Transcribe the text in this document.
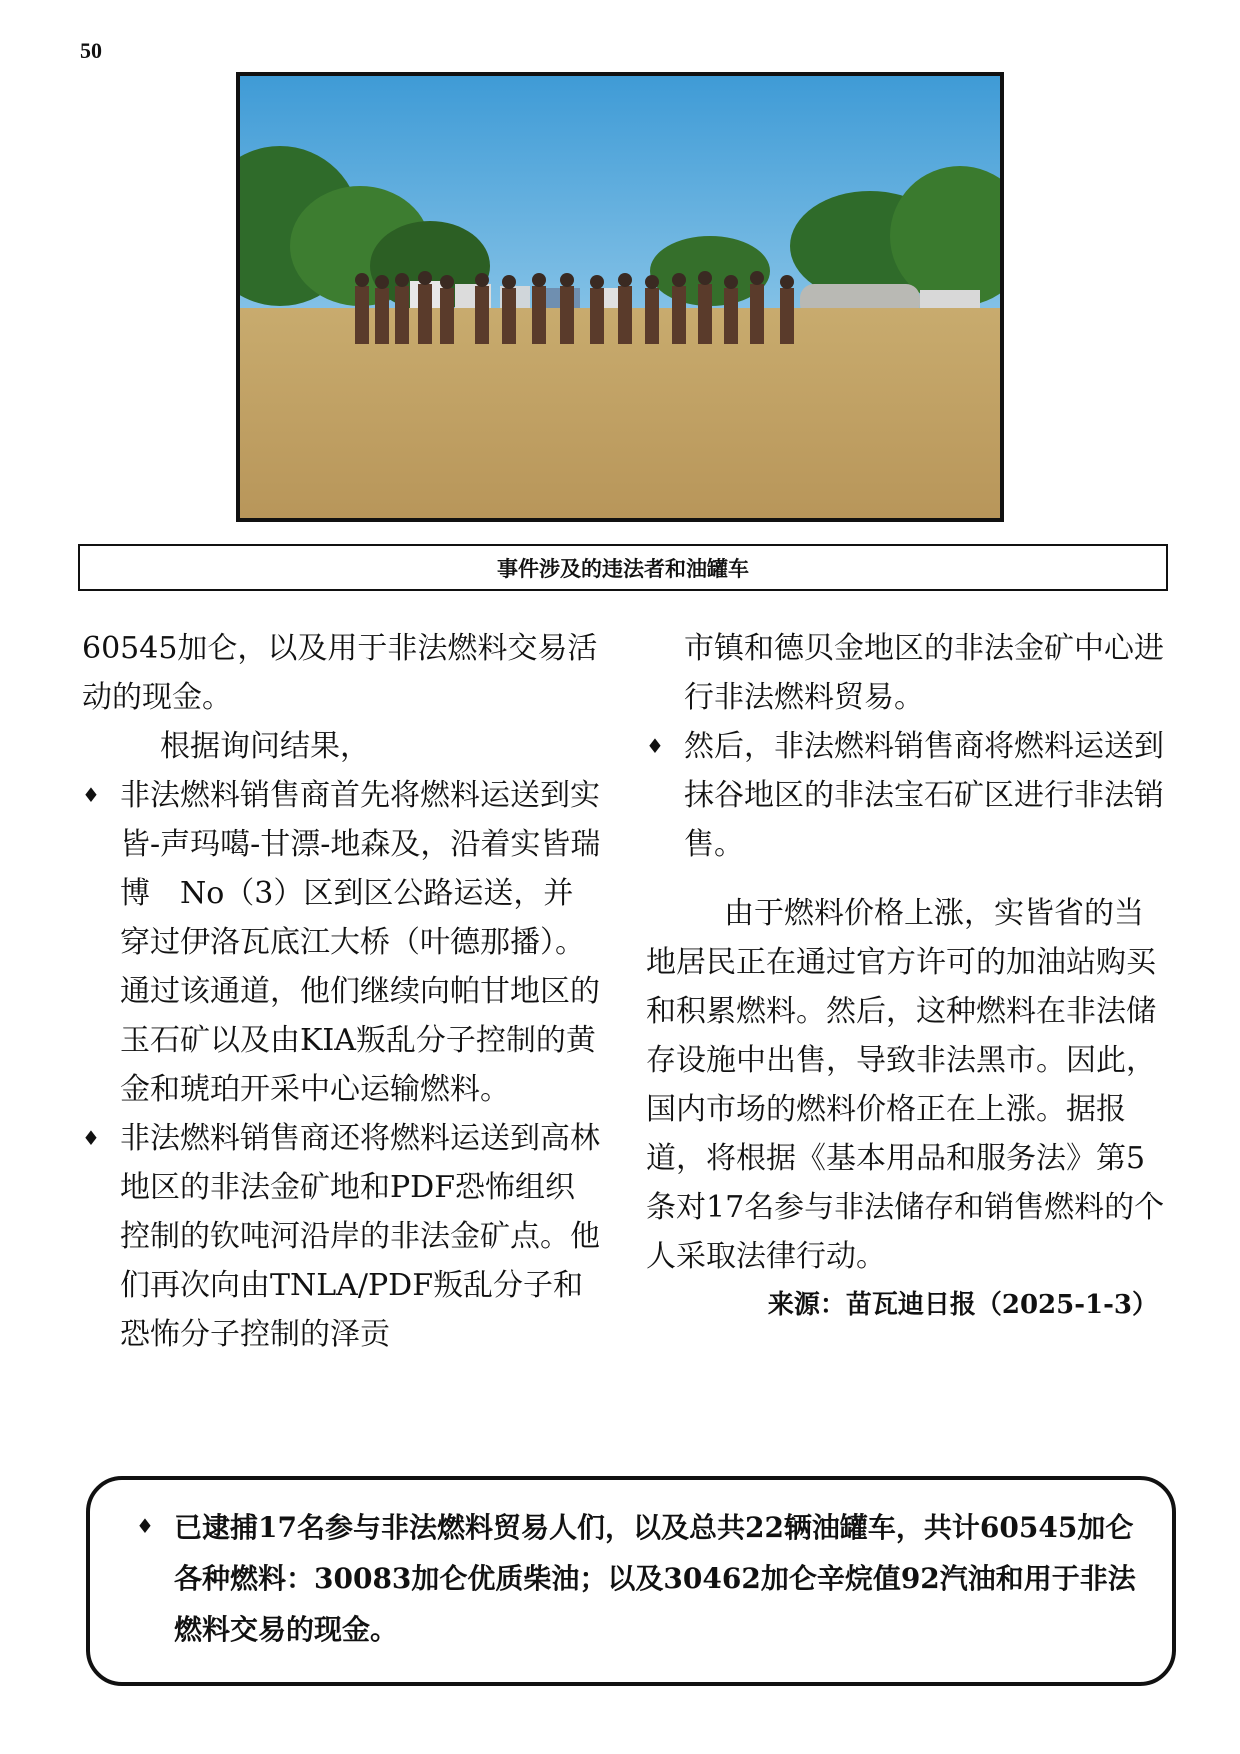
50
事件涉及的违法者和油罐车

60545加仑，以及用于非法燃料交易活动的现金。

根据询问结果，

♦ 非法燃料销售商首先将燃料运送到实皆-声玛噶-甘漂-地森及，沿着实皆瑞博　No（3）区到区公路运送，并穿过伊洛瓦底江大桥（叶德那播）。通过该通道，他们继续向帕甘地区的玉石矿以及由KIA叛乱分子控制的黄金和琥珀开采中心运输燃料。
♦ 非法燃料销售商还将燃料运送到高林地区的非法金矿地和PDF恐怖组织控制的钦吨河沿岸的非法金矿点。他们再次向由TNLA/PDF叛乱分子和恐怖分子控制的泽贡

市镇和德贝金地区的非法金矿中心进行非法燃料贸易。

♦ 然后，非法燃料销售商将燃料运送到抹谷地区的非法宝石矿区进行非法销售。

由于燃料价格上涨，实皆省的当地居民正在通过官方许可的加油站购买和积累燃料。然后，这种燃料在非法储存设施中出售，导致非法黑市。因此，国内市场的燃料价格正在上涨。据报道，将根据《基本用品和服务法》第5条对17名参与非法储存和销售燃料的个人采取法律行动。

来源：苗瓦迪日报（2025-1-3）

♦ 已逮捕17名参与非法燃料贸易人们，以及总共22辆油罐车，共计60545加仑各种燃料：30083加仑优质柴油；以及30462加仑辛烷值92汽油和用于非法燃料交易的现金。
